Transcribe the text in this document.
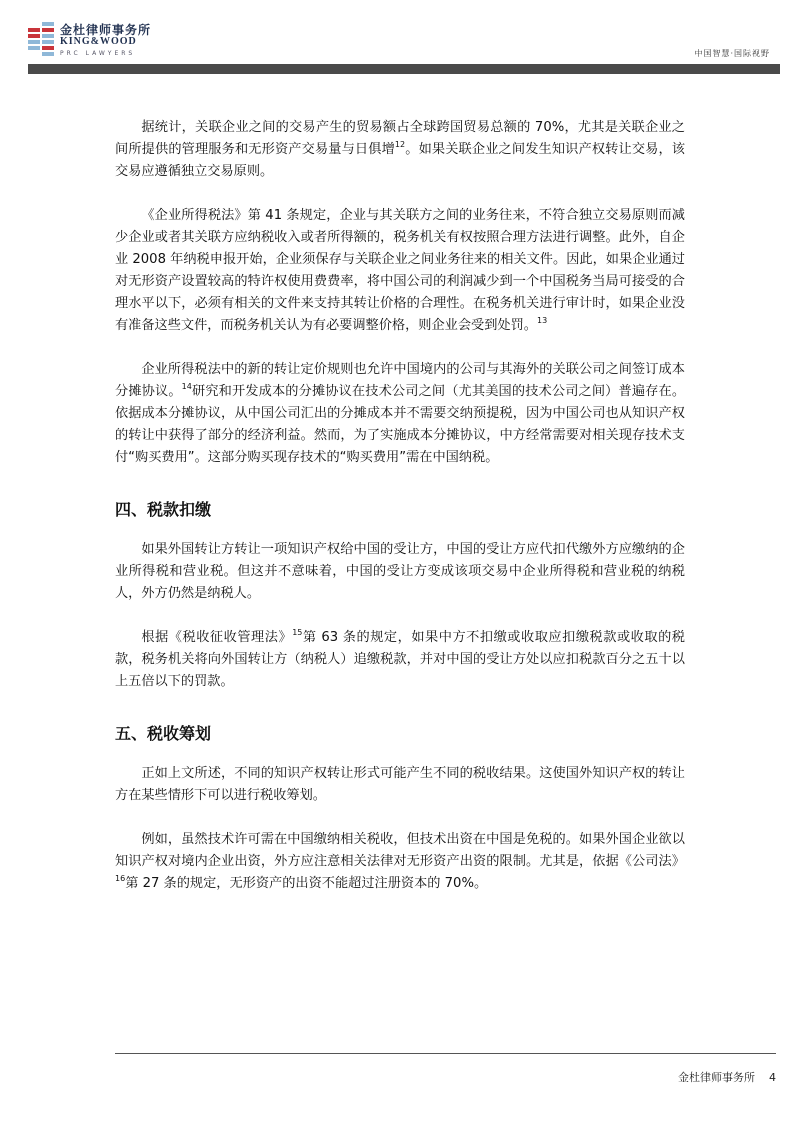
金杜律师事务所
KING&WOOD
PRC LAWYERS	中国智慧·国际视野

据统计，关联企业之间的交易产生的贸易额占全球跨国贸易总额的 70%，尤其是关联企业之间所提供的管理服务和无形资产交易量与日俱增$^{12}$。如果关联企业之间发生知识产权转让交易，该交易应遵循独立交易原则。

《企业所得税法》第 41 条规定，企业与其关联方之间的业务往来，不符合独立交易原则而减少企业或者其关联方应纳税收入或者所得额的，税务机关有权按照合理方法进行调整。此外，自企业 2008 年纳税申报开始，企业须保存与关联企业之间业务往来的相关文件。因此，如果企业通过对无形资产设置较高的特许权使用费费率，将中国公司的利润减少到一个中国税务当局可接受的合理水平以下，必须有相关的文件来支持其转让价格的合理性。在税务机关进行审计时，如果企业没有准备这些文件，而税务机关认为有必要调整价格，则企业会受到处罚。$^{13}$

企业所得税法中的新的转让定价规则也允许中国境内的公司与其海外的关联公司之间签订成本分摊协议。$^{14}$研究和开发成本的分摊协议在技术公司之间（尤其美国的技术公司之间）普遍存在。依据成本分摊协议，从中国公司汇出的分摊成本并不需要交纳预提税，因为中国公司也从知识产权的转让中获得了部分的经济利益。然而，为了实施成本分摊协议，中方经常需要对相关现存技术支付“购买费用”。这部分购买现存技术的“购买费用”需在中国纳税。

四、税款扣缴

如果外国转让方转让一项知识产权给中国的受让方，中国的受让方应代扣代缴外方应缴纳的企业所得税和营业税。但这并不意味着，中国的受让方变成该项交易中企业所得税和营业税的纳税人，外方仍然是纳税人。

根据《税收征收管理法》$^{15}$第 63 条的规定，如果中方不扣缴或收取应扣缴税款或收取的税款，税务机关将向外国转让方（纳税人）追缴税款，并对中国的受让方处以应扣税款百分之五十以上五倍以下的罚款。

五、税收筹划

正如上文所述，不同的知识产权转让形式可能产生不同的税收结果。这使国外知识产权的转让方在某些情形下可以进行税收筹划。

例如，虽然技术许可需在中国缴纳相关税收，但技术出资在中国是免税的。如果外国企业欲以知识产权对境内企业出资，外方应注意相关法律对无形资产出资的限制。尤其是，依据《公司法》$^{16}$第 27 条的规定，无形资产的出资不能超过注册资本的 70%。

金杜律师事务所 4
